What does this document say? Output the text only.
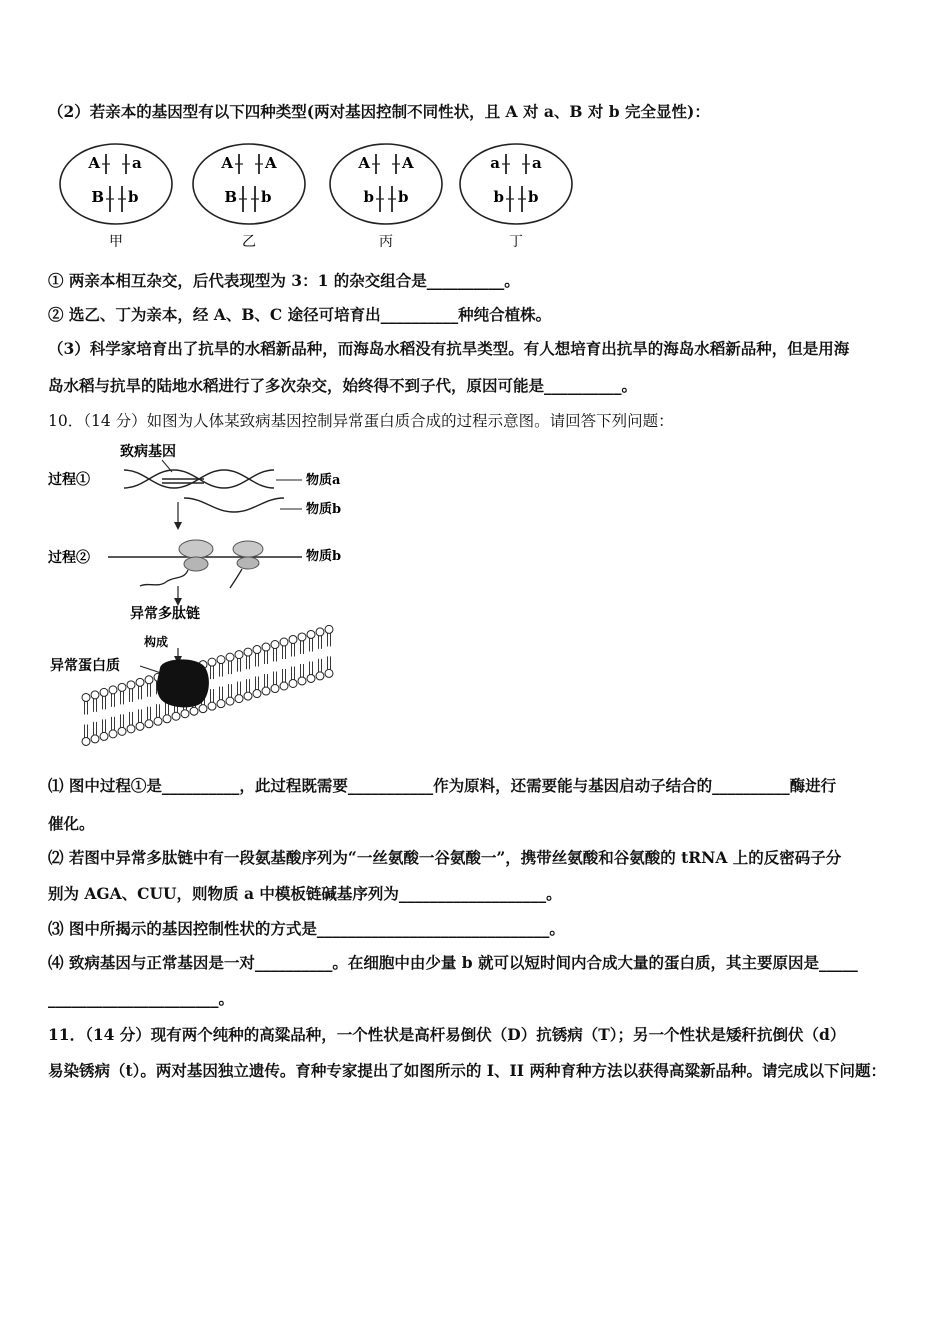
（2）若亲本的基因型有以下四种类型(两对基因控制不同性状，且 A 对 a、B 对 b 完全显性)：
A a
B b
甲
A A
B b
乙
A A
b b
丙
a a
b b
丁
① 两亲本相互杂交，后代表现型为 3：1 的杂交组合是__________。
② 选乙、丁为亲本，经 A、B、C 途径可培育出__________种纯合植株。
（3）科学家培育出了抗旱的水稻新品种，而海岛水稻没有抗旱类型。有人想培育出抗旱的海岛水稻新品种，但是用海
岛水稻与抗旱的陆地水稻进行了多次杂交，始终得不到子代，原因可能是__________。
10．（14 分）如图为人体某致病基因控制异常蛋白质合成的过程示意图。请回答下列问题：
致病基因
过程①
过程②
物质a
物质b
物质b
异常多肽链
构成
异常蛋白质
⑴ 图中过程①是__________，此过程既需要___________作为原料，还需要能与基因启动子结合的__________酶进行
催化。
⑵ 若图中异常多肽链中有一段氨基酸序列为“一丝氨酸一谷氨酸一”，携带丝氨酸和谷氨酸的 tRNA 上的反密码子分
别为 AGA、CUU，则物质 a 中模板链碱基序列为___________________。
⑶ 图中所揭示的基因控制性状的方式是______________________________。
⑷ 致病基因与正常基因是一对__________。在细胞中由少量 b 就可以短时间内合成大量的蛋白质，其主要原因是_____
______________________。
11．（14 分）现有两个纯种的高粱品种，一个性状是高杆易倒伏（D）抗锈病（T）；另一个性状是矮秆抗倒伏（d）
易染锈病（t）。两对基因独立遗传。育种专家提出了如图所示的 I、II 两种育种方法以获得高粱新品种。请完成以下问题：
